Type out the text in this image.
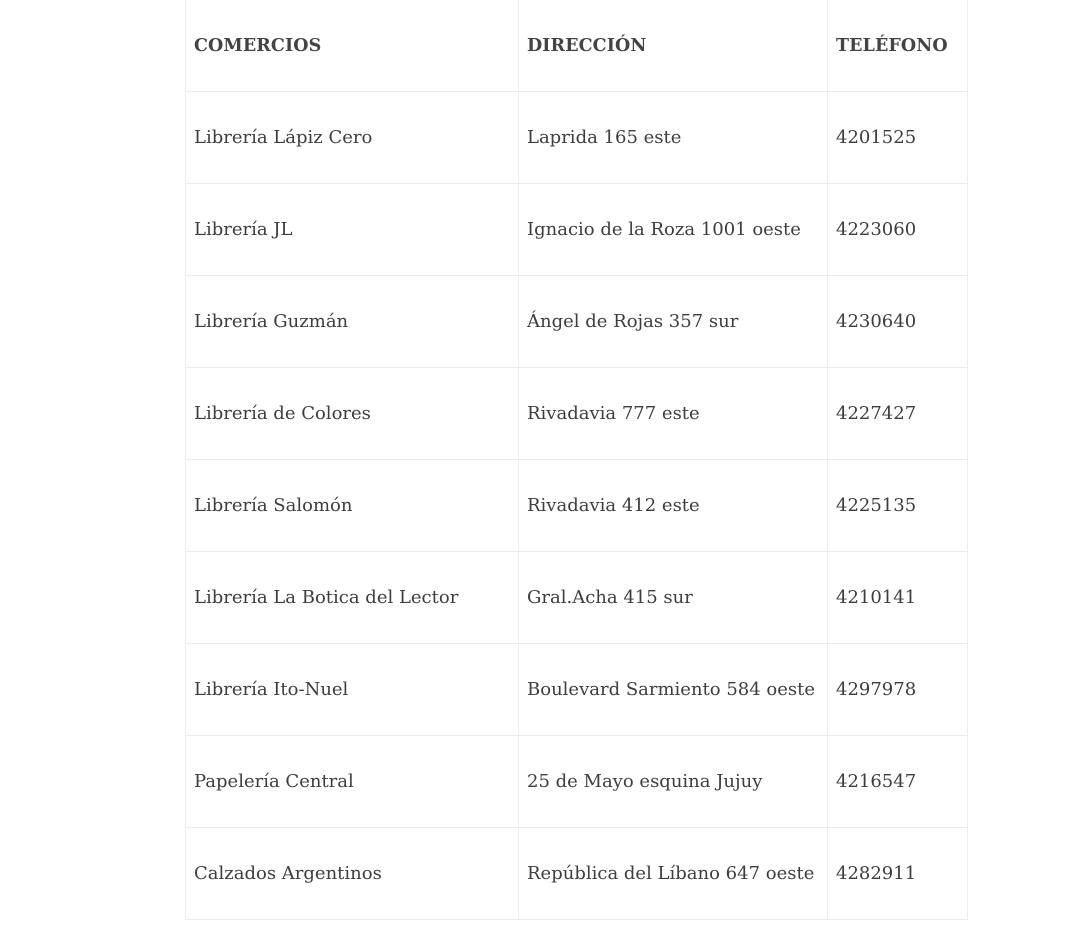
COMERCIOS	DIRECCIÓN	TELÉFONO
Librería Lápiz Cero	Laprida 165 este	4201525
Librería JL	Ignacio de la Roza 1001 oeste	4223060
Librería Guzmán	Ángel de Rojas 357 sur	4230640
Librería de Colores	Rivadavia 777 este	4227427
Librería Salomón	Rivadavia 412 este	4225135
Librería La Botica del Lector	Gral.Acha 415 sur	4210141
Librería Ito-Nuel	Boulevard Sarmiento 584 oeste	4297978
Papelería Central	25 de Mayo esquina Jujuy	4216547
Calzados Argentinos	República del Líbano 647 oeste	4282911
